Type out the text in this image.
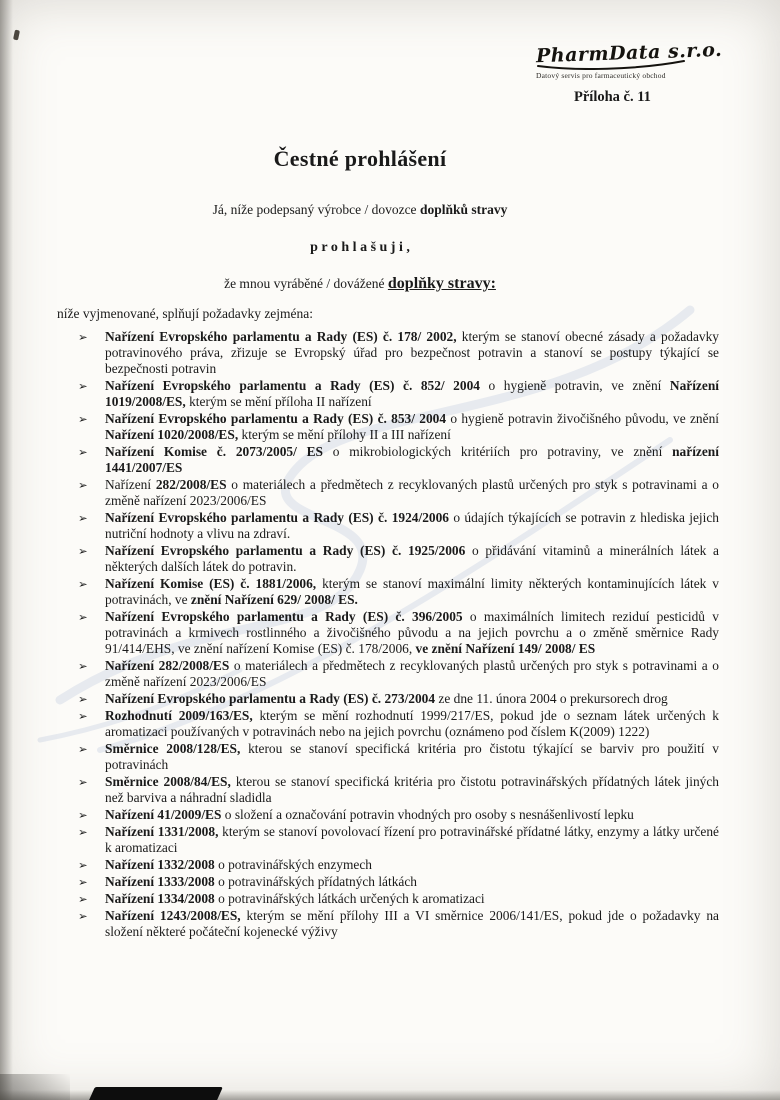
PharmData s.r.o.
Datový servis pro farmaceutický obchod
Příloha č. 11
Čestné prohlášení

Já, níže podepsaný výrobce / dovozce doplňků stravy

p r o h l a š u j i ,

že mnou vyráběné / dovážené doplňky stravy:

níže vyjmenované, splňují požadavky zejména:

➢ Nařízení Evropského parlamentu a Rady (ES) č. 178/ 2002, kterým se stanoví obecné zásady a požadavky potravinového práva, zřizuje se Evropský úřad pro bezpečnost potravin a stanoví se postupy týkající se bezpečnosti potravin
➢ Nařízení Evropského parlamentu a Rady (ES) č. 852/ 2004 o hygieně potravin, ve znění Nařízení 1019/2008/ES, kterým se mění příloha II nařízení
➢ Nařízení Evropského parlamentu a Rady (ES) č. 853/ 2004 o hygieně potravin živočišného původu, ve znění Nařízení 1020/2008/ES, kterým se mění přílohy II a III nařízení
➢ Nařízení Komise č. 2073/2005/ ES o mikrobiologických kritériích pro potraviny, ve znění nařízení 1441/2007/ES
➢ Nařízení 282/2008/ES o materiálech a předmětech z recyklovaných plastů určených pro styk s potravinami a o změně nařízení 2023/2006/ES
➢ Nařízení Evropského parlamentu a Rady (ES) č. 1924/2006 o údajích týkajících se potravin z hlediska jejich nutriční hodnoty a vlivu na zdraví.
➢ Nařízení Evropského parlamentu a Rady (ES) č. 1925/2006 o přidávání vitaminů a minerálních látek a některých dalších látek do potravin.
➢ Nařízení Komise (ES) č. 1881/2006, kterým se stanoví maximální limity některých kontaminujících látek v potravinách, ve znění Nařízení 629/ 2008/ ES.
➢ Nařízení Evropského parlamentu a Rady (ES) č. 396/2005 o maximálních limitech reziduí pesticidů v potravinách a krmivech rostlinného a živočišného původu a na jejich povrchu a o změně směrnice Rady 91/414/EHS, ve znění nařízení Komise (ES) č. 178/2006, ve znění Nařízení 149/ 2008/ ES
➢ Nařízení 282/2008/ES o materiálech a předmětech z recyklovaných plastů určených pro styk s potravinami a o změně nařízení 2023/2006/ES
➢ Nařízení Evropského parlamentu a Rady (ES) č. 273/2004 ze dne 11. února 2004 o prekursorech drog
➢ Rozhodnutí 2009/163/ES, kterým se mění rozhodnutí 1999/217/ES, pokud jde o seznam látek určených k aromatizaci používaných v potravinách nebo na jejich povrchu (oznámeno pod číslem K(2009) 1222)
➢ Směrnice 2008/128/ES, kterou se stanoví specifická kritéria pro čistotu týkající se barviv pro použití v potravinách
➢ Směrnice 2008/84/ES, kterou se stanoví specifická kritéria pro čistotu potravinářských přídatných látek jiných než barviva a náhradní sladidla
➢ Nařízení 41/2009/ES o složení a označování potravin vhodných pro osoby s nesnášenlivostí lepku
➢ Nařízení 1331/2008, kterým se stanoví povolovací řízení pro potravinářské přídatné látky, enzymy a látky určené k aromatizaci
➢ Nařízení 1332/2008 o potravinářských enzymech
➢ Nařízení 1333/2008 o potravinářských přídatných látkách
➢ Nařízení 1334/2008 o potravinářských látkách určených k aromatizaci
➢ Nařízení 1243/2008/ES, kterým se mění přílohy III a VI směrnice 2006/141/ES, pokud jde o požadavky na složení některé počáteční kojenecké výživy
